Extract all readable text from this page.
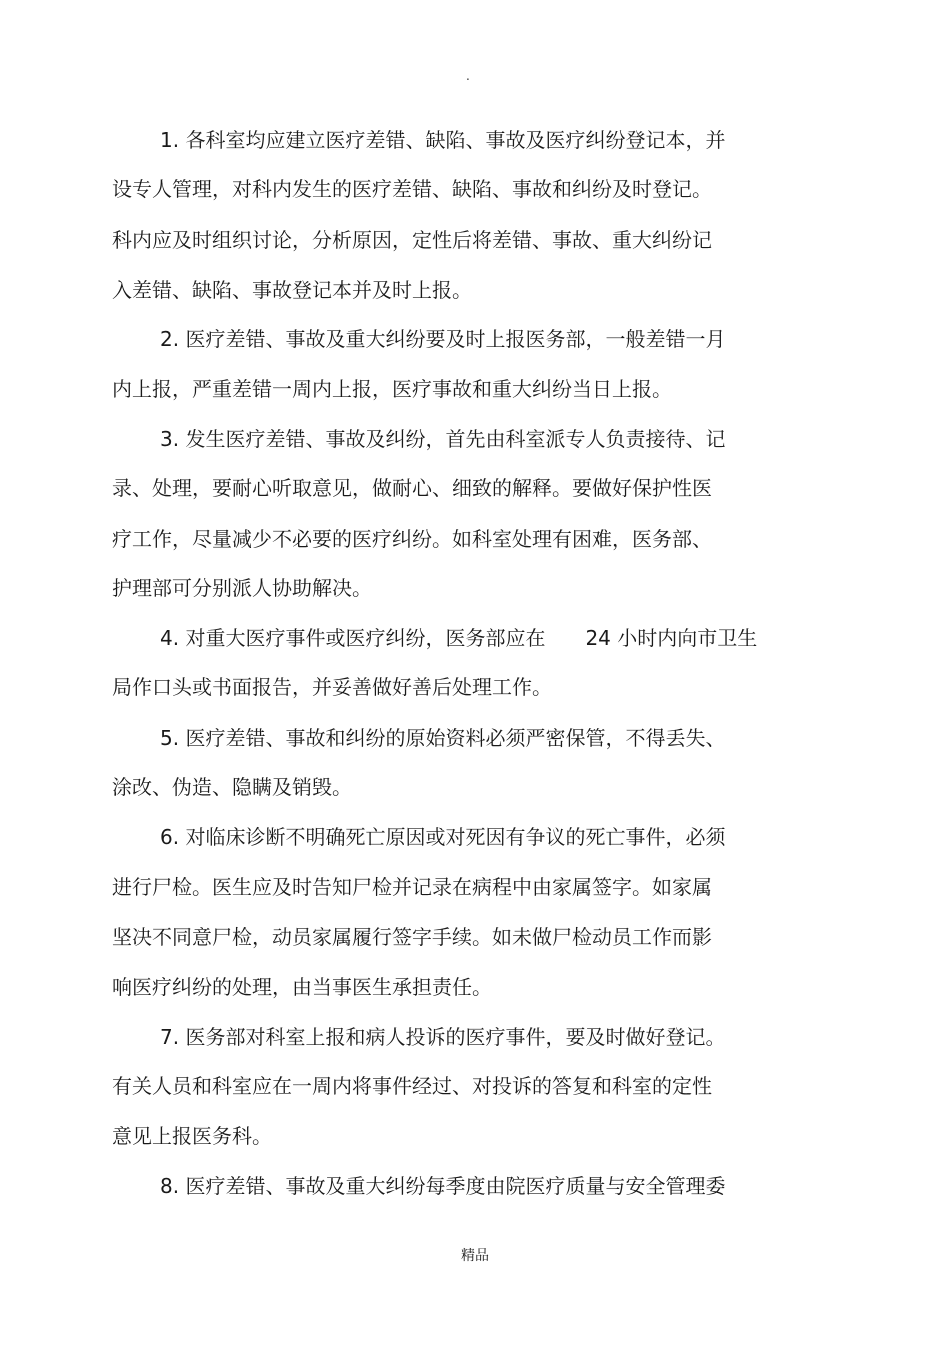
.
1. 各科室均应建立医疗差错、缺陷、事故及医疗纠纷登记本，并
设专人管理，对科内发生的医疗差错、缺陷、事故和纠纷及时登记。
科内应及时组织讨论，分析原因，定性后将差错、事故、重大纠纷记
入差错、缺陷、事故登记本并及时上报。
2. 医疗差错、事故及重大纠纷要及时上报医务部，一般差错一月
内上报，严重差错一周内上报，医疗事故和重大纠纷当日上报。
3. 发生医疗差错、事故及纠纷，首先由科室派专人负责接待、记
录、处理，要耐心听取意见，做耐心、细致的解释。要做好保护性医
疗工作，尽量减少不必要的医疗纠纷。如科室处理有困难，医务部、
护理部可分别派人协助解决。
4. 对重大医疗事件或医疗纠纷，医务部应在　　24 小时内向市卫生
局作口头或书面报告，并妥善做好善后处理工作。
5. 医疗差错、事故和纠纷的原始资料必须严密保管，不得丢失、
涂改、伪造、隐瞒及销毁。
6. 对临床诊断不明确死亡原因或对死因有争议的死亡事件，必须
进行尸检。医生应及时告知尸检并记录在病程中由家属签字。如家属
坚决不同意尸检，动员家属履行签字手续。如未做尸检动员工作而影
响医疗纠纷的处理，由当事医生承担责任。
7. 医务部对科室上报和病人投诉的医疗事件，要及时做好登记。
有关人员和科室应在一周内将事件经过、对投诉的答复和科室的定性
意见上报医务科。
8. 医疗差错、事故及重大纠纷每季度由院医疗质量与安全管理委
精品
